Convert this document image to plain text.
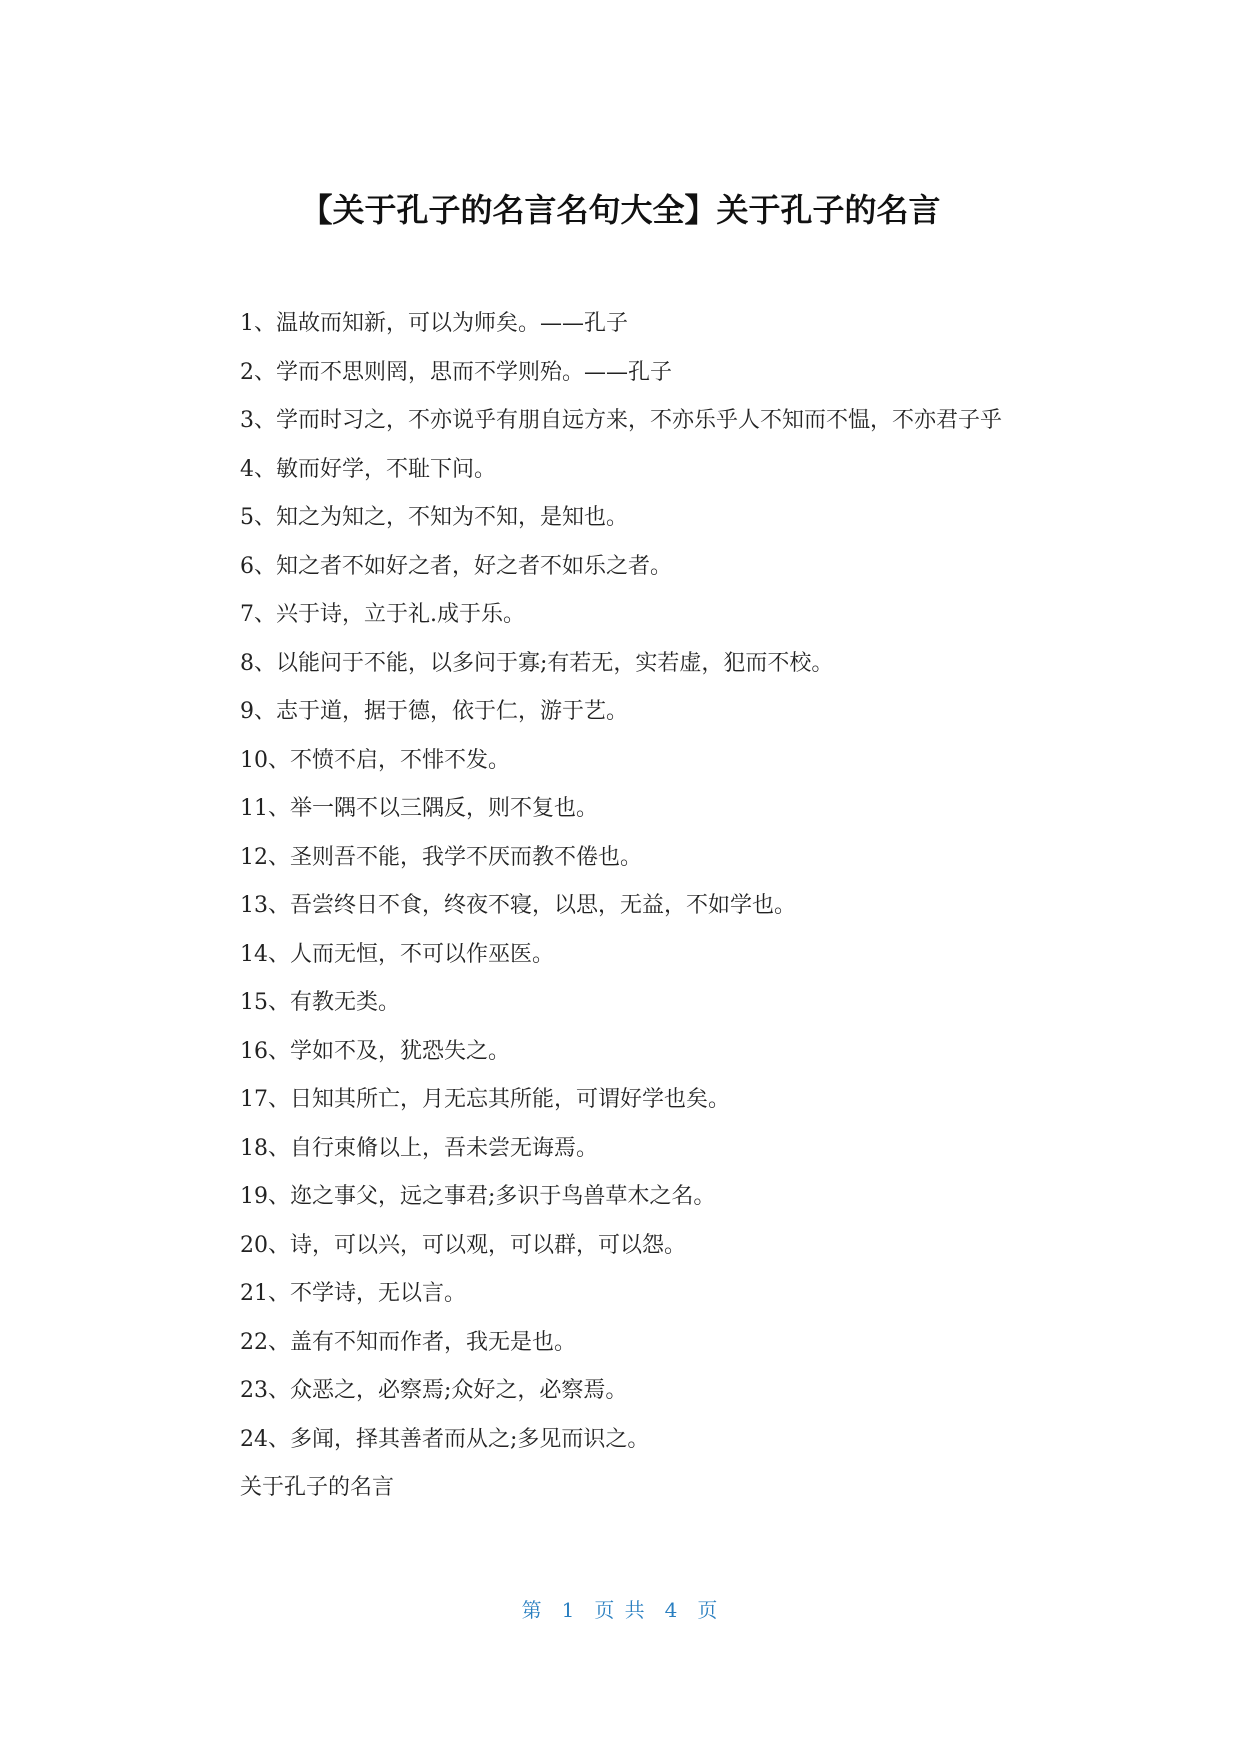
【关于孔子的名言名句大全】关于孔子的名言

1、温故而知新，可以为师矣。——孔子

2、学而不思则罔，思而不学则殆。——孔子

3、学而时习之，不亦说乎有朋自远方来，不亦乐乎人不知而不愠，不亦君子乎

4、敏而好学，不耻下问。

5、知之为知之，不知为不知，是知也。

6、知之者不如好之者，好之者不如乐之者。

7、兴于诗，立于礼.成于乐。

8、以能问于不能，以多问于寡;有若无，实若虚，犯而不校。

9、志于道，据于德，依于仁，游于艺。

10、不愤不启，不悱不发。

11、举一隅不以三隅反，则不复也。

12、圣则吾不能，我学不厌而教不倦也。

13、吾尝终日不食，终夜不寝，以思，无益，不如学也。

14、人而无恒，不可以作巫医。

15、有教无类。

16、学如不及，犹恐失之。

17、日知其所亡，月无忘其所能，可谓好学也矣。

18、自行束脩以上，吾未尝无诲焉。

19、迩之事父，远之事君;多识于鸟兽草木之名。

20、诗，可以兴，可以观，可以群，可以怨。

21、不学诗，无以言。

22、盖有不知而作者，我无是也。

23、众恶之，必察焉;众好之，必察焉。

24、多闻，择其善者而从之;多见而识之。

关于孔子的名言

第 1 页 共 4 页
